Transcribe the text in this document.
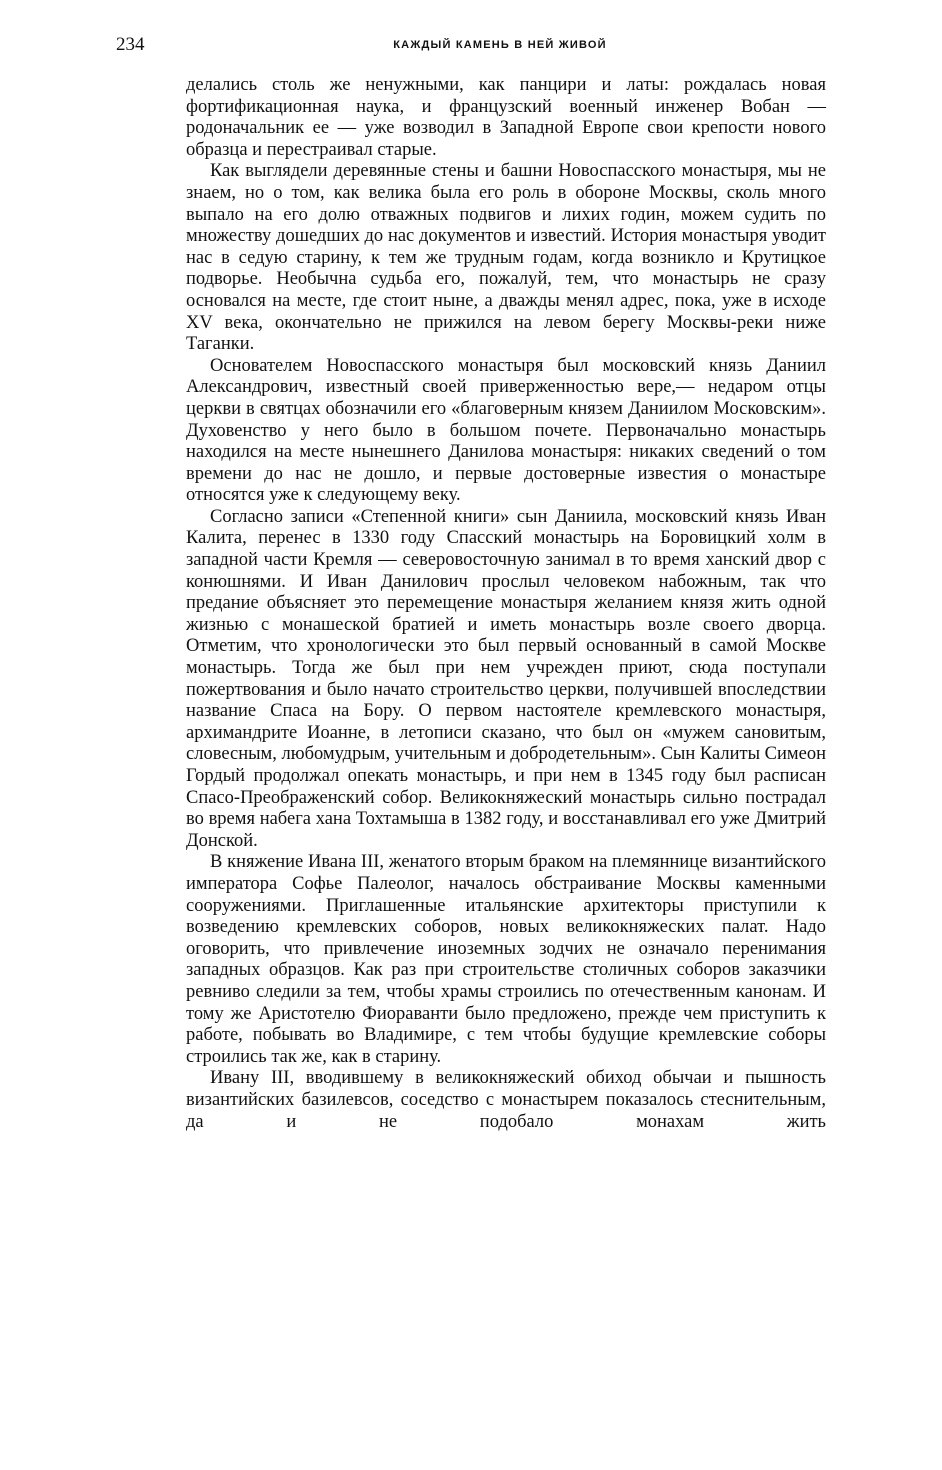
234	КАЖДЫЙ КАМЕНЬ В НЕЙ ЖИВОЙ

делались столь же ненужными, как панцири и латы: рождалась новая фортификационная наука, и французский военный инженер Вобан — родоначальник ее — уже возводил в Западной Европе свои крепости нового образца и перестраивал старые.

Как выглядели деревянные стены и башни Новоспасского монастыря, мы не знаем, но о том, как велика была его роль в обороне Москвы, сколь много выпало на его долю отважных подвигов и лихих годин, можем судить по множеству дошедших до нас документов и известий. История монастыря уводит нас в седую старину, к тем же трудным годам, когда возникло и Крутицкое подворье. Необычна судьба его, пожалуй, тем, что монастырь не сразу основался на месте, где стоит ныне, а дважды менял адрес, пока, уже в исходе XV века, окончательно не прижился на левом берегу Москвы-реки ниже Таганки.

Основателем Новоспасского монастыря был московский князь Даниил Александрович, известный своей приверженностью вере,— недаром отцы церкви в святцах обозначили его «благоверным князем Даниилом Московским». Духовенство у него было в большом почете. Первоначально монастырь находился на месте нынешнего Данилова монастыря: никаких сведений о том времени до нас не дошло, и первые достоверные известия о монастыре относятся уже к следующему веку.

Согласно записи «Степенной книги» сын Даниила, московский князь Иван Калита, перенес в 1330 году Спасский монастырь на Боровицкий холм в западной части Кремля — северовосточную занимал в то время ханский двор с конюшнями. И Иван Данилович прослыл человеком набожным, так что предание объясняет это перемещение монастыря желанием князя жить одной жизнью с монашеской братией и иметь монастырь возле своего дворца. Отметим, что хронологически это был первый основанный в самой Москве монастырь. Тогда же был при нем учрежден приют, сюда поступали пожертвования и было начато строительство церкви, получившей впоследствии название Спаса на Бору. О первом настоятеле кремлевского монастыря, архимандрите Иоанне, в летописи сказано, что был он «мужем сановитым, словесным, любомудрым, учительным и добродетельным». Сын Калиты Симеон Гордый продолжал опекать монастырь, и при нем в 1345 году был расписан Спасо-Преображенский собор. Великокняжеский монастырь сильно пострадал во время набега хана Тохтамыша в 1382 году, и восстанавливал его уже Дмитрий Донской.

В княжение Ивана III, женатого вторым браком на племяннице византийского императора Софье Палеолог, началось обстраивание Москвы каменными сооружениями. Приглашенные итальянские архитекторы приступили к возведению кремлевских соборов, новых великокняжеских палат. Надо оговорить, что привлечение иноземных зодчих не означало перенимания западных образцов. Как раз при строительстве столичных соборов заказчики ревниво следили за тем, чтобы храмы строились по отечественным канонам. И тому же Аристотелю Фиораванти было предложено, прежде чем приступить к работе, побывать во Владимире, с тем чтобы будущие кремлевские соборы строились так же, как в старину.

Ивану III, вводившему в великокняжеский обиход обычаи и пышность византийских базилевсов, соседство с монастырем показалось стеснительным, да и не подобало монахам жить
